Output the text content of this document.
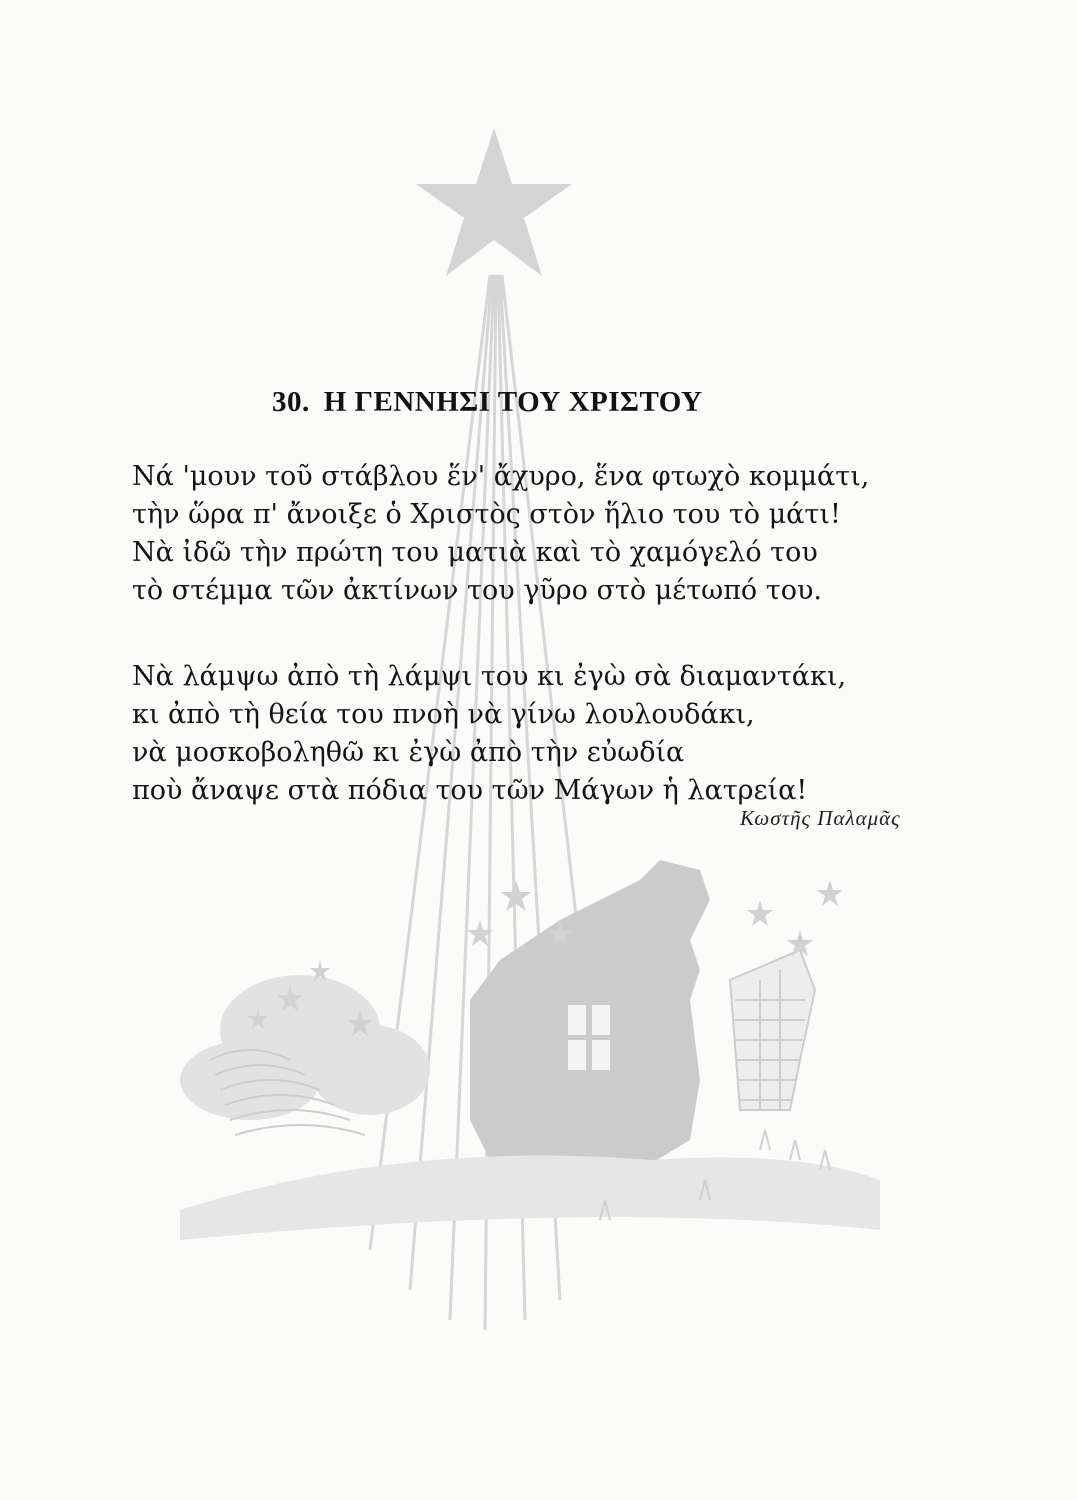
30. Η ΓΕΝΝΗΣΙ ΤΟΥ ΧΡΙΣΤΟΥ
Νά 'μουν τοῦ στάβλου ἕν' ἄχυρο, ἕνα φτωχὸ κομμάτι,
τὴν ὥρα π' ἄνοιξε ὁ Χριστὸς στὸν ἥλιο του τὸ μάτι!
Νὰ ἰδῶ τὴν πρώτη του ματιὰ καὶ τὸ χαμόγελό του
τὸ στέμμα τῶν ἀκτίνων του γῦρο στὸ μέτωπό του.
Νὰ λάμψω ἀπὸ τὴ λάμψι του κι ἐγὼ σὰ διαμαντάκι,
κι ἀπὸ τὴ θεία του πνοὴ νὰ γίνω λουλουδάκι,
νὰ μοσκοβοληθῶ κι ἐγὼ ἀπὸ τὴν εὐωδία
ποὺ ἄναψε στὰ πόδια του τῶν Μάγων ἡ λατρεία!
Κωστῆς Παλαμᾶς
